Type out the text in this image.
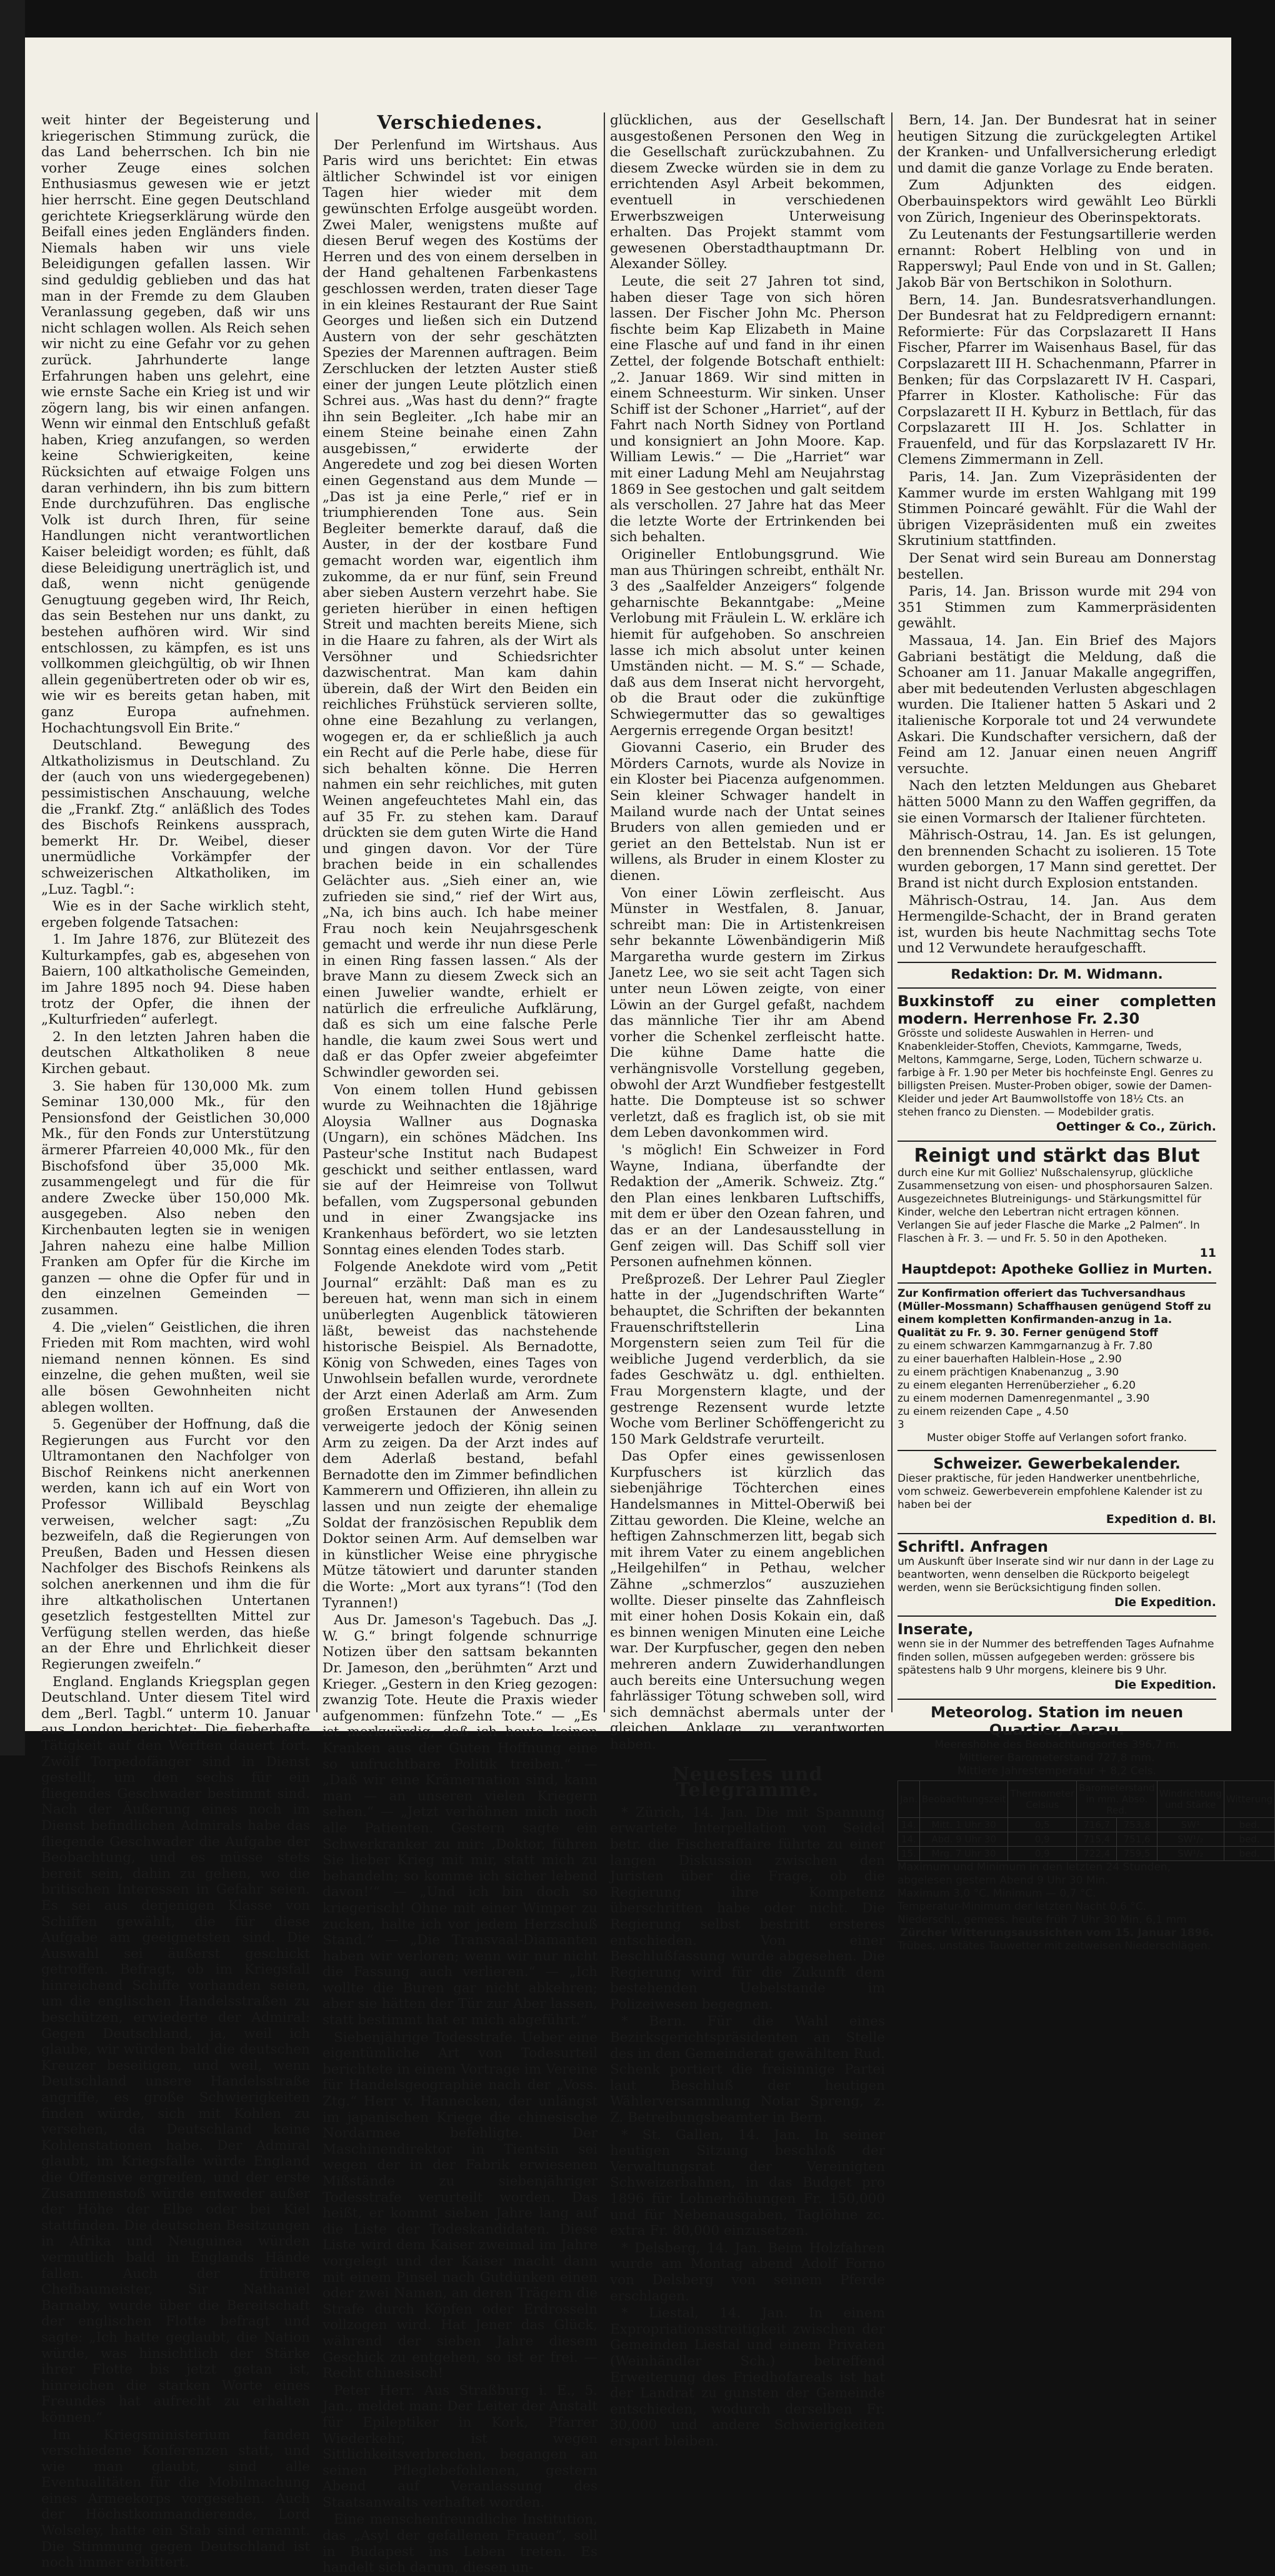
weit hinter der Begeisterung und kriegerischen Stimmung zurück, die das Land beherrschen. Ich bin nie vorher Zeuge eines solchen Enthusiasmus gewesen wie er jetzt hier herrscht. Eine gegen Deutschland gerichtete Kriegserklärung würde den Beifall eines jeden Engländers finden. Niemals haben wir uns viele Beleidigungen gefallen lassen. Wir sind geduldig geblieben und das hat man in der Fremde zu dem Glauben Veranlassung gegeben, daß wir uns nicht schlagen wollen. Als Reich sehen wir nicht zu eine Gefahr vor zu gehen zurück. Jahrhunderte lange Erfahrungen haben uns gelehrt, eine wie ernste Sache ein Krieg ist und wir zögern lang, bis wir einen anfangen. Wenn wir einmal den Entschluß gefaßt haben, Krieg anzufangen, so werden keine Schwierigkeiten, keine Rücksichten auf etwaige Folgen uns daran verhindern, ihn bis zum bittern Ende durchzuführen. Das englische Volk ist durch Ihren, für seine Handlungen nicht verantwortlichen Kaiser beleidigt worden; es fühlt, daß diese Beleidigung unerträglich ist, und daß, wenn nicht genügende Genugtuung gegeben wird, Ihr Reich, das sein Bestehen nur uns dankt, zu bestehen aufhören wird. Wir sind entschlossen, zu kämpfen, es ist uns vollkommen gleichgültig, ob wir Ihnen allein gegenübertreten oder ob wir es, wie wir es bereits getan haben, mit ganz Europa aufnehmen. Hochachtungsvoll Ein Brite.“

Deutschland. Bewegung des Altkatholizismus in Deutschland. Zu der (auch von uns wiedergegebenen) pessimistischen Anschauung, welche die „Frankf. Ztg.“ anläßlich des Todes des Bischofs Reinkens aussprach, bemerkt Hr. Dr. Weibel, dieser unermüdliche Vorkämpfer der schweizerischen Altkatholiken, im „Luz. Tagbl.“:

Wie es in der Sache wirklich steht, ergeben folgende Tatsachen:

1. Im Jahre 1876, zur Blütezeit des Kulturkampfes, gab es, abgesehen von Baiern, 100 altkatholische Gemeinden, im Jahre 1895 noch 94. Diese haben trotz der Opfer, die ihnen der „Kulturfrieden“ auferlegt.

2. In den letzten Jahren haben die deutschen Altkatholiken 8 neue Kirchen gebaut.

3. Sie haben für 130,000 Mk. zum Seminar 130,000 Mk., für den Pensionsfond der Geistlichen 30,000 Mk., für den Fonds zur Unterstützung ärmerer Pfarreien 40,000 Mk., für den Bischofsfond über 35,000 Mk. zusammengelegt und für die für andere Zwecke über 150,000 Mk. ausgegeben. Also neben den Kirchenbauten legten sie in wenigen Jahren nahezu eine halbe Million Franken am Opfer für die Kirche im ganzen — ohne die Opfer für und in den einzelnen Gemeinden — zusammen.

4. Die „vielen“ Geistlichen, die ihren Frieden mit Rom machten, wird wohl niemand nennen können. Es sind einzelne, die gehen mußten, weil sie alle bösen Gewohnheiten nicht ablegen wollten.

5. Gegenüber der Hoffnung, daß die Regierungen aus Furcht vor den Ultramontanen den Nachfolger von Bischof Reinkens nicht anerkennen werden, kann ich auf ein Wort von Professor Willibald Beyschlag verweisen, welcher sagt: „Zu bezweifeln, daß die Regierungen von Preußen, Baden und Hessen diesen Nachfolger des Bischofs Reinkens als solchen anerkennen und ihm die für ihre altkatholischen Untertanen gesetzlich festgestellten Mittel zur Verfügung stellen werden, das hieße an der Ehre und Ehrlichkeit dieser Regierungen zweifeln.“

England. Englands Kriegsplan gegen Deutschland. Unter diesem Titel wird dem „Berl. Tagbl.“ unterm 10. Januar aus London berichtet: Die fieberhafte Tätigkeit auf den Werften dauert fort. Zwölf Torpedofänger sind in Dienst gestellt, um den sechs für ein fliegendes Geschwader bestimmt sind. Nach der Äußerung eines noch im Dienst befindlichen Admirals habe das fliegende Geschwader die Aufgabe der Beobachtung, und es müsse stets bereit sein, dahin zu gehen, wo die britischen Interessen in Gefahr seien. Es sei aus derjenigen Klasse von Schiffen gewählt, die für diese Aufgabe am geeignetsten sind. Die Auswahl sei äußerst geschickt getroffen. Befragt, ob im Kriegsfall hinreichend Schiffe vorhanden seien, um die englischen Handelsstraßen zu beschützen, erwiederte der Admiral: Gegen Deutschland, ja, weil ich glaube, wir würden bald die deutschen Kreuzer beseitigen, und weil, wenn Deutschland unsere Handelsstraße angriffe, es große Schwierigkeiten finden würde, sich mit Kohlen zu versehen, da Deutschland keine Kohlenstationen habe. Der Admiral glaubt, im Kriegsfalle würde England die Offensive ergreifen, und der erste Zusammenstoß würde entweder außer der Höhe der Elbe oder bei Kiel stattfinden. Die deutschen Besitzungen in Afrika und Neuguinea würden vermutlich bald in Englands Hände fallen. Auch der frühere Chefbaumeister, Sir Nathaniel Barnaby, wurde über die Bereitschaft der englischen Flotte befragt und sagte: „Ich hatte geglaubt, die Nation würde, was hinsichtlich der Stärke ihrer Flotte bis jetzt getan ist, hinreichen die starken Worte eines Freundes hat aufrecht zu erhalten können.“

Im Kriegsministerium fanden verschiedene Konferenzen statt, und wie man glaubt, sind alle Eventualitäten für die Mobilmachung eines Armeekorps vorgesehen. Auch der Höchstkommandierende, Lord Wolseley, hatte ein Stab sind ernannt. Die Stimmung gegen Deutschland ist noch immer erbittert.

Verschiedenes.

Der Perlenfund im Wirtshaus. Aus Paris wird uns berichtet: Ein etwas ältlicher Schwindel ist vor einigen Tagen hier wieder mit dem gewünschten Erfolge ausgeübt worden. Zwei Maler, wenigstens mußte auf diesen Beruf wegen des Kostüms der Herren und des von einem derselben in der Hand gehaltenen Farbenkastens geschlossen werden, traten dieser Tage in ein kleines Restaurant der Rue Saint Georges und ließen sich ein Dutzend Austern von der sehr geschätzten Spezies der Marennen auftragen. Beim Zerschlucken der letzten Auster stieß einer der jungen Leute plötzlich einen Schrei aus. „Was hast du denn?“ fragte ihn sein Begleiter. „Ich habe mir an einem Steine beinahe einen Zahn ausgebissen,“ erwiderte der Angeredete und zog bei diesen Worten einen Gegenstand aus dem Munde — „Das ist ja eine Perle,“ rief er in triumphierenden Tone aus. Sein Begleiter bemerkte darauf, daß die Auster, in der der kostbare Fund gemacht worden war, eigentlich ihm zukomme, da er nur fünf, sein Freund aber sieben Austern verzehrt habe. Sie gerieten hierüber in einen heftigen Streit und machten bereits Miene, sich in die Haare zu fahren, als der Wirt als Versöhner und Schiedsrichter dazwischentrat. Man kam dahin überein, daß der Wirt den Beiden ein reichliches Frühstück servieren sollte, ohne eine Bezahlung zu verlangen, wogegen er, da er schließlich ja auch ein Recht auf die Perle habe, diese für sich behalten könne. Die Herren nahmen ein sehr reichliches, mit guten Weinen angefeuchtetes Mahl ein, das auf 35 Fr. zu stehen kam. Darauf drückten sie dem guten Wirte die Hand und gingen davon. Vor der Türe brachen beide in ein schallendes Gelächter aus. „Sieh einer an, wie zufrieden sie sind,“ rief der Wirt aus, „Na, ich bins auch. Ich habe meiner Frau noch kein Neujahrsgeschenk gemacht und werde ihr nun diese Perle in einen Ring fassen lassen.“ Als der brave Mann zu diesem Zweck sich an einen Juwelier wandte, erhielt er natürlich die erfreuliche Aufklärung, daß es sich um eine falsche Perle handle, die kaum zwei Sous wert und daß er das Opfer zweier abgefeimter Schwindler geworden sei.

Von einem tollen Hund gebissen wurde zu Weihnachten die 18jährige Aloysia Wallner aus Dognaska (Ungarn), ein schönes Mädchen. Ins Pasteur'sche Institut nach Budapest geschickt und seither entlassen, ward sie auf der Heimreise von Tollwut befallen, vom Zugspersonal gebunden und in einer Zwangsjacke ins Krankenhaus befördert, wo sie letzten Sonntag eines elenden Todes starb.

Folgende Anekdote wird vom „Petit Journal“ erzählt: Daß man es zu bereuen hat, wenn man sich in einem unüberlegten Augenblick tätowieren läßt, beweist das nachstehende historische Beispiel. Als Bernadotte, König von Schweden, eines Tages von Unwohlsein befallen wurde, verordnete der Arzt einen Aderlaß am Arm. Zum großen Erstaunen der Anwesenden verweigerte jedoch der König seinen Arm zu zeigen. Da der Arzt indes auf dem Aderlaß bestand, befahl Bernadotte den im Zimmer befindlichen Kammerern und Offizieren, ihn allein zu lassen und nun zeigte der ehemalige Soldat der französischen Republik dem Doktor seinen Arm. Auf demselben war in künstlicher Weise eine phrygische Mütze tätowiert und darunter standen die Worte: „Mort aux tyrans“! (Tod den Tyrannen!)

Aus Dr. Jameson's Tagebuch. Das „J. W. G.“ bringt folgende schnurrige Notizen über den sattsam bekannten Dr. Jameson, den „berühmten“ Arzt und Krieger. „Gestern in den Krieg gezogen: zwanzig Tote. Heute die Praxis wieder aufgenommen: fünfzehn Tote.“ — „Es ist merkwürdig, daß ich heute keinen Kranken aus der Guten Hoffnung eine so unfruchtbare Politik treiben.“ — „Daß wir eine Krämernation sind, kann man — an unseren vielen Kriegern sehen.“ — „Jetzt verhöhnen mich noch alle Patienten. Gestern sagte ein Schwerkranker zu mir: ‚Doktor, führen Sie lieber Krieg mit mir, statt mich zu behandeln; so komme ich sicher lebend davon!‘“ — „Und ich bin doch so kriegerisch! Ohne mit einer Wimper zu zucken, halte ich vor jedem Herzschuß Stand.“ — „Die Transvaal-Diamanten haben wir verloren; wenn wir nur nicht die Fassung auch verlieren.“ — „Ich wollte die Buren gar nicht abkehren; aber sie hätten der Tür zur Aber lassen, statt bestimmt hat er mich abgeführt.“

Siebenjährige Todesstrafe. Ueber eine eigentümliche Art von Todesurteil berichtete in einem Vortrage im Vereine für Handelsgeographie nach der „Voss. Ztg.“ Herr v. Hannecken, der unlängst im japanischen Kriege die chinesische Nordarmee befehligte. Der Maschinendirektor in Tientsin sei wegen der in der Fabrik erwiesenen Mißstände zu siebenjähriger Todesstrafe verurteilt worden. Das heißt, er kommt sieben Jahre lang auf die Liste der Todeskandidaten. Diese Liste wird dem Kaiser zweimal im Jahre vorgelegt und der Kaiser macht dann mit einem Pinsel nach Gutdünken einen oder zwei Namen, an deren Trägern die Strafe durch Köpfen oder Erdrosseln vollzogen wird. Hat Jener das Glück, während der sieben Jahre diesem Geschick zu entgehen, so ist er frei. — Recht chinesisch!

Peter Herr. Aus Straßburg i. E., 5. Jan., meldet man: Der Leiter der Anstalt für Epileptiker in Kork, Pfarrer Wiederkehr, ist wegen Sittlichkeitsverbrechen, begangen an seinen Pfleglebefohlenen, gestern Abend auf Veranlassung des Staatsanwalts verhaftet worden.

Eine menschenfreundliche Institution, das „Asyl der gefallenen Frauen“, soll in Budapest ins Leben treten. Es handelt sich darum, diesen un-

glücklichen, aus der Gesellschaft ausgestoßenen Personen den Weg in die Gesellschaft zurückzubahnen. Zu diesem Zwecke würden sie in dem zu errichtenden Asyl Arbeit bekommen, eventuell in verschiedenen Erwerbszweigen Unterweisung erhalten. Das Projekt stammt vom gewesenen Oberstadthauptmann Dr. Alexander Sölley.

Leute, die seit 27 Jahren tot sind, haben dieser Tage von sich hören lassen. Der Fischer John Mc. Pherson fischte beim Kap Elizabeth in Maine eine Flasche auf und fand in ihr einen Zettel, der folgende Botschaft enthielt: „2. Januar 1869. Wir sind mitten in einem Schneesturm. Wir sinken. Unser Schiff ist der Schoner „Harriet“, auf der Fahrt nach North Sidney von Portland und konsigniert an John Moore. Kap. William Lewis.“ — Die „Harriet“ war mit einer Ladung Mehl am Neujahrstag 1869 in See gestochen und galt seitdem als verschollen. 27 Jahre hat das Meer die letzte Worte der Ertrinkenden bei sich behalten.

Origineller Entlobungsgrund. Wie man aus Thüringen schreibt, enthält Nr. 3 des „Saalfelder Anzeigers“ folgende geharnischte Bekanntgabe: „Meine Verlobung mit Fräulein L. W. erkläre ich hiemit für aufgehoben. So anschreien lasse ich mich absolut unter keinen Umständen nicht. — M. S.“ — Schade, daß aus dem Inserat nicht hervorgeht, ob die Braut oder die zukünftige Schwiegermutter das so gewaltiges Aergernis erregende Organ besitzt!

Giovanni Caserio, ein Bruder des Mörders Carnots, wurde als Novize in ein Kloster bei Piacenza aufgenommen. Sein kleiner Schwager handelt in Mailand wurde nach der Untat seines Bruders von allen gemieden und er geriet an den Bettelstab. Nun ist er willens, als Bruder in einem Kloster zu dienen.

Von einer Löwin zerfleischt. Aus Münster in Westfalen, 8. Januar, schreibt man: Die in Artistenkreisen sehr bekannte Löwenbändigerin Miß Margaretha wurde gestern im Zirkus Janetz Lee, wo sie seit acht Tagen sich unter neun Löwen zeigte, von einer Löwin an der Gurgel gefaßt, nachdem das männliche Tier ihr am Abend vorher die Schenkel zerfleischt hatte. Die kühne Dame hatte die verhängnisvolle Vorstellung gegeben, obwohl der Arzt Wundfieber festgestellt hatte. Die Dompteuse ist so schwer verletzt, daß es fraglich ist, ob sie mit dem Leben davonkommen wird.

's möglich! Ein Schweizer in Ford Wayne, Indiana, überfandte der Redaktion der „Amerik. Schweiz. Ztg.“ den Plan eines lenkbaren Luftschiffs, mit dem er über den Ozean fahren, und das er an der Landesausstellung in Genf zeigen will. Das Schiff soll vier Personen aufnehmen können.

Preßprozeß. Der Lehrer Paul Ziegler hatte in der „Jugendschriften Warte“ behauptet, die Schriften der bekannten Frauenschriftstellerin Lina Morgenstern seien zum Teil für die weibliche Jugend verderblich, da sie fades Geschwätz u. dgl. enthielten. Frau Morgenstern klagte, und der gestrenge Rezensent wurde letzte Woche vom Berliner Schöffengericht zu 150 Mark Geldstrafe verurteilt.

Das Opfer eines gewissenlosen Kurpfuschers ist kürzlich das siebenjährige Töchterchen eines Handelsmannes in Mittel-Oberwiß bei Zittau geworden. Die Kleine, welche an heftigen Zahnschmerzen litt, begab sich mit ihrem Vater zu einem angeblichen „Heilgehilfen“ in Pethau, welcher Zähne „schmerzlos“ auszuziehen wollte. Dieser pinselte das Zahnfleisch mit einer hohen Dosis Kokain ein, daß es binnen wenigen Minuten eine Leiche war. Der Kurpfuscher, gegen den neben mehreren andern Zuwiderhandlungen auch bereits eine Untersuchung wegen fahrlässiger Tötung schweben soll, wird sich demnächst abermals unter der gleichen Anklage zu verantworten haben.

Neuestes und Telegramme.

* Zürich, 14. Jan. Die mit Spannung erwartete Interpellation von Seidel betr. die Fischeraffaire führte zu einer langen Diskussion zwischen den Juristen über die Frage, ob die Regierung ihre Kompetenz überschritten habe oder nicht. Die Regierung selbst bestritt ersteres entschieden. Von einer Beschlußfassung wurde abgesehen. Die Regierung wird für die Zukunft dem bestehenden Uebelstande im Polizeiwesen begegnen.

* Bern. Für die Wahl eines Bezirksgerichtspräsidenten an Stelle des in den Gemeinderat gewählten Rud. Schenk portiert die freisinnige Partei laut Beschluß der heutigen Wählerversammlung Notar Spreng, z. Z. Betreibungsbeamter in Bern.

* St. Gallen, 14. Jan. In seiner heutigen Sitzung beschloß der Verwaltungsrat der Vereinigten Schweizerbahnen, in das Budget pro 1896 für Lohnerhöhungen Fr. 150,000 und für Nebenausgaben, Taglöhne zc. extra Fr. 80,000 einzusetzen.

* Delsberg, 14. Jan. Beim Holzfahren wurde am Montag abend Adolf Forno von Delsberg von seinem Pferde erschlagen.

* Liestal, 14. Jan. In einem Expropriationsstreitigkeit zwischen der Gemeinden Liestal und einem Privaten (Weinhändler Sch.) betreffend Erweiterung des Friedhofareals ist hat der Landrat zu gunsten der Gemeinde entschieden, wodurch derselben Fr. 30,000 und andere Schwierigkeiten erspart bleiben.

Bern, 14. Jan. Der Bundesrat hat in seiner heutigen Sitzung die zurückgelegten Artikel der Kranken- und Unfallversicherung erledigt und damit die ganze Vorlage zu Ende beraten.

Zum Adjunkten des eidgen. Oberbauinspektors wird gewählt Leo Bürkli von Zürich, Ingenieur des Oberinspektorats.

Zu Leutenants der Festungsartillerie werden ernannt: Robert Helbling von und in Rapperswyl; Paul Ende von und in St. Gallen; Jakob Bär von Bertschikon in Solothurn.

Bern, 14. Jan. Bundesratsverhandlungen. Der Bundesrat hat zu Feldpredigern ernannt: Reformierte: Für das Corpslazarett II Hans Fischer, Pfarrer im Waisenhaus Basel, für das Corpslazarett III H. Schachenmann, Pfarrer in Benken; für das Corpslazarett IV H. Caspari, Pfarrer in Kloster. Katholische: Für das Corpslazarett II H. Kyburz in Bettlach, für das Corpslazarett III H. Jos. Schlatter in Frauenfeld, und für das Korpslazarett IV Hr. Clemens Zimmermann in Zell.

Paris, 14. Jan. Zum Vizepräsidenten der Kammer wurde im ersten Wahlgang mit 199 Stimmen Poincaré gewählt. Für die Wahl der übrigen Vizepräsidenten muß ein zweites Skrutinium stattfinden.

Der Senat wird sein Bureau am Donnerstag bestellen.

Paris, 14. Jan. Brisson wurde mit 294 von 351 Stimmen zum Kammerpräsidenten gewählt.

Massaua, 14. Jan. Ein Brief des Majors Gabriani bestätigt die Meldung, daß die Schoaner am 11. Januar Makalle angegriffen, aber mit bedeutenden Verlusten abgeschlagen wurden. Die Italiener hatten 5 Askari und 2 italienische Korporale tot und 24 verwundete Askari. Die Kundschafter versichern, daß der Feind am 12. Januar einen neuen Angriff versuchte.

Nach den letzten Meldungen aus Ghebaret hätten 5000 Mann zu den Waffen gegriffen, da sie einen Vormarsch der Italiener fürchteten.

Mährisch-Ostrau, 14. Jan. Es ist gelungen, den brennenden Schacht zu isolieren. 15 Tote wurden geborgen, 17 Mann sind gerettet. Der Brand ist nicht durch Explosion entstanden.

Mährisch-Ostrau, 14. Jan. Aus dem Hermengilde-Schacht, der in Brand geraten ist, wurden bis heute Nachmittag sechs Tote und 12 Verwundete heraufgeschafft.

Redaktion: Dr. M. Widmann.
Buxkinstoff zu einer completten modern. Herrenhose Fr. 2.30
Grösste und solideste Auswahlen in Herren- und Knabenkleider-Stoffen, Cheviots, Kammgarne, Tweds, Meltons, Kammgarne, Serge, Loden, Tüchern schwarze u. farbige à Fr. 1.90 per Meter bis hochfeinste Engl. Genres zu billigsten Preisen. Muster-Proben obiger, sowie der Damen-Kleider und jeder Art Baumwollstoffe von 18½ Cts. an stehen franco zu Diensten. — Modebilder gratis.
Oettinger & Co., Zürich.
Reinigt und stärkt das Blut
durch eine Kur mit Golliez' Nußschalensyrup, glückliche Zusammensetzung von eisen- und phosphorsauren Salzen. Ausgezeichnetes Blutreinigungs- und Stärkungsmittel für Kinder, welche den Lebertran nicht ertragen können. Verlangen Sie auf jeder Flasche die Marke „2 Palmen“. In Flaschen à Fr. 3. — und Fr. 5. 50 in den Apotheken.
11
Hauptdepot: Apotheke Golliez in Murten.
Zur Konfirmation offeriert das Tuchversandhaus (Müller-Mossmann) Schaffhausen genügend Stoff zu einem kompletten Konfirmanden-anzug in 1a. Qualität zu Fr. 9. 30. Ferner genügend Stoff
zu einem schwarzen Kammgarnanzug à Fr. 7.80
zu einer bauerhaften Halblein-Hose „ 2.90
zu einem prächtigen Knabenanzug „ 3.90
zu einem eleganten Herrenüberzieher „ 6.20
zu einem modernen Damenregenmantel „ 3.90
zu einem reizenden Cape „ 4.50
3
Muster obiger Stoffe auf Verlangen sofort franko.
Schweizer. Gewerbekalender.
Dieser praktische, für jeden Handwerker unentbehrliche, vom schweiz. Gewerbeverein empfohlene Kalender ist zu haben bei der
Expedition d. Bl.
Schriftl. Anfragen
um Auskunft über Inserate sind wir nur dann in der Lage zu beantworten, wenn denselben die Rückporto beigelegt werden, wenn sie Berücksichtigung finden sollen.
Die Expedition.
Inserate,
wenn sie in der Nummer des betreffenden Tages Aufnahme finden sollen, müssen aufgegeben werden: grössere bis spätestens halb 9 Uhr morgens, kleinere bis 9 Uhr.
Die Expedition.
Meteorolog. Station im neuen Quartier, Aarau.
Meereshöhe des Beobachtungsortes 396,7 m.
Mittlerer Barometerstand 727,8 mm.
Mittlere Jahrestemperatur + 8,2 Cels.
Jan.	Beobachtungszeit	Thermometer Celsius	Barometerstand in mm. Abso. Red.		Windrichtung und Stärke	Witterung
14.	Mitt. 1 Uhr 30	0,5	716,7	753,8	SW¹	bed.
14.	Abd. 9 Uhr 30	0,9	715,4	751,6	SW¹/₂	bed.
15.	Mrg. 7 Uhr 30	0,9	722,4	759,5	SW¹/₂	bed.
Maximum und Minimum in den letzten 24 Stunden, abgelesen gestern Abend 9 Uhr 30 Min.
Maximum 3,0 °C. Minimum — 0,7 °C.
Temperatur-Minimum der letzten Nacht 0,6 °C.
Niederschl., gemess. heute früh 7 Uhr 30 Min. 6,1 mm
Zürcher Witterungsaussichten vom 15. Januar 1896.
Trübes, unstätes Tauwetter mit zeitweisen Niederschlägen.
